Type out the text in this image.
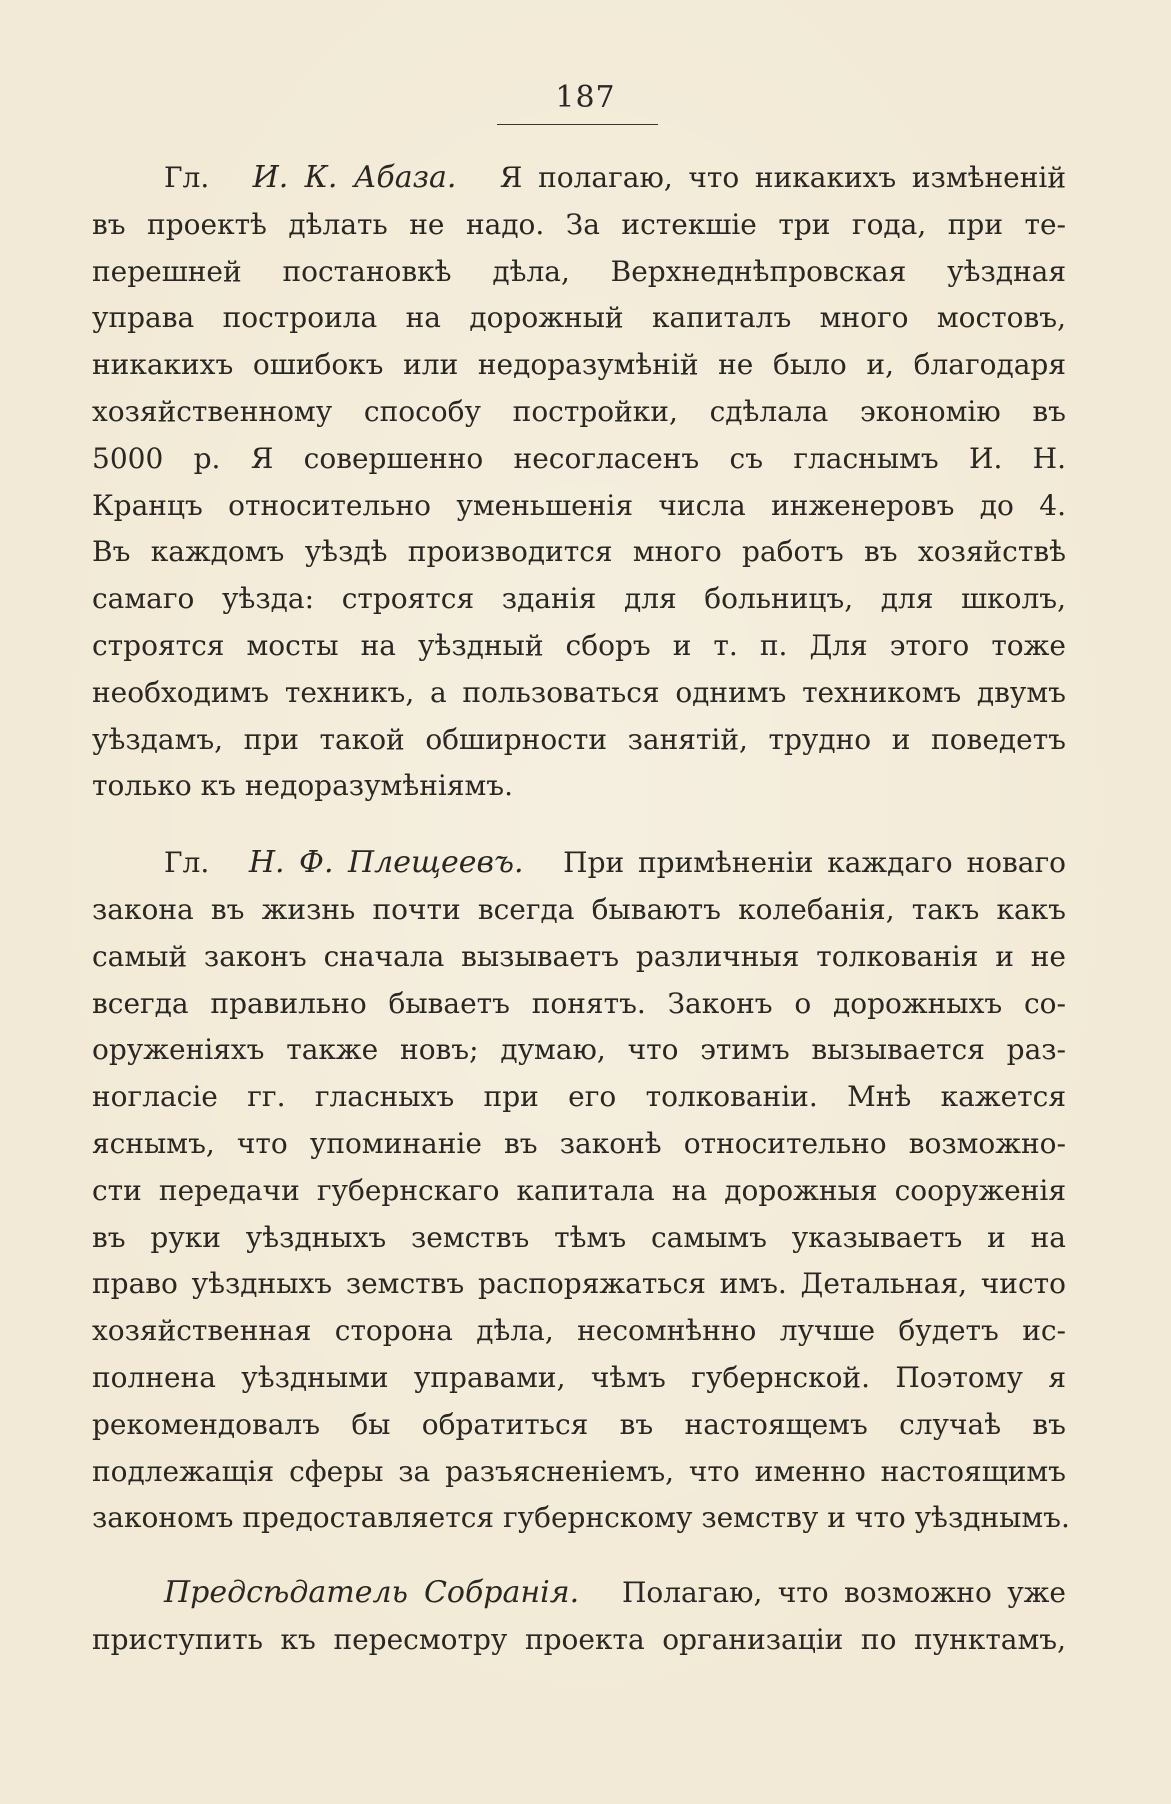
187
Гл. И. К. Абаза. Я полагаю, что никакихъ измѣненій
въ проектѣ дѣлать не надо. За истекшіе три года, при те-
перешней постановкѣ дѣла, Верхнеднѣпровская уѣздная
управа построила на дорожный капиталъ много мостовъ,
никакихъ ошибокъ или недоразумѣній не было и, благодаря
хозяйственному способу постройки, сдѣлала экономію въ
5000 р. Я совершенно несогласенъ съ гласнымъ И. Н.
Кранцъ относительно уменьшенія числа инженеровъ до 4.
Въ каждомъ уѣздѣ производится много работъ въ хозяйствѣ
самаго уѣзда: строятся зданія для больницъ, для школъ,
строятся мосты на уѣздный сборъ и т. п. Для этого тоже
необходимъ техникъ, а пользоваться однимъ техникомъ двумъ
уѣздамъ, при такой обширности занятій, трудно и поведетъ
только къ недоразумѣніямъ.
Гл. Н. Ф. Плещеевъ. При примѣненіи каждаго новаго
закона въ жизнь почти всегда бываютъ колебанія, такъ какъ
самый законъ сначала вызываетъ различныя толкованія и не
всегда правильно бываетъ понятъ. Законъ о дорожныхъ со-
оруженіяхъ также новъ; думаю, что этимъ вызывается раз-
ногласіе гг. гласныхъ при его толкованіи. Мнѣ кажется
яснымъ, что упоминаніе въ законѣ относительно возможно-
сти передачи губернскаго капитала на дорожныя сооруженія
въ руки уѣздныхъ земствъ тѣмъ самымъ указываетъ и на
право уѣздныхъ земствъ распоряжаться имъ. Детальная, чисто
хозяйственная сторона дѣла, несомнѣнно лучше будетъ ис-
полнена уѣздными управами, чѣмъ губернской. Поэтому я
рекомендовалъ бы обратиться въ настоящемъ случаѣ въ
подлежащія сферы за разъясненіемъ, что именно настоящимъ
закономъ предоставляется губернскому земству и что уѣзднымъ.
Предсѣдатель Собранія. Полагаю, что возможно уже
приступить къ пересмотру проекта организаціи по пунктамъ,
